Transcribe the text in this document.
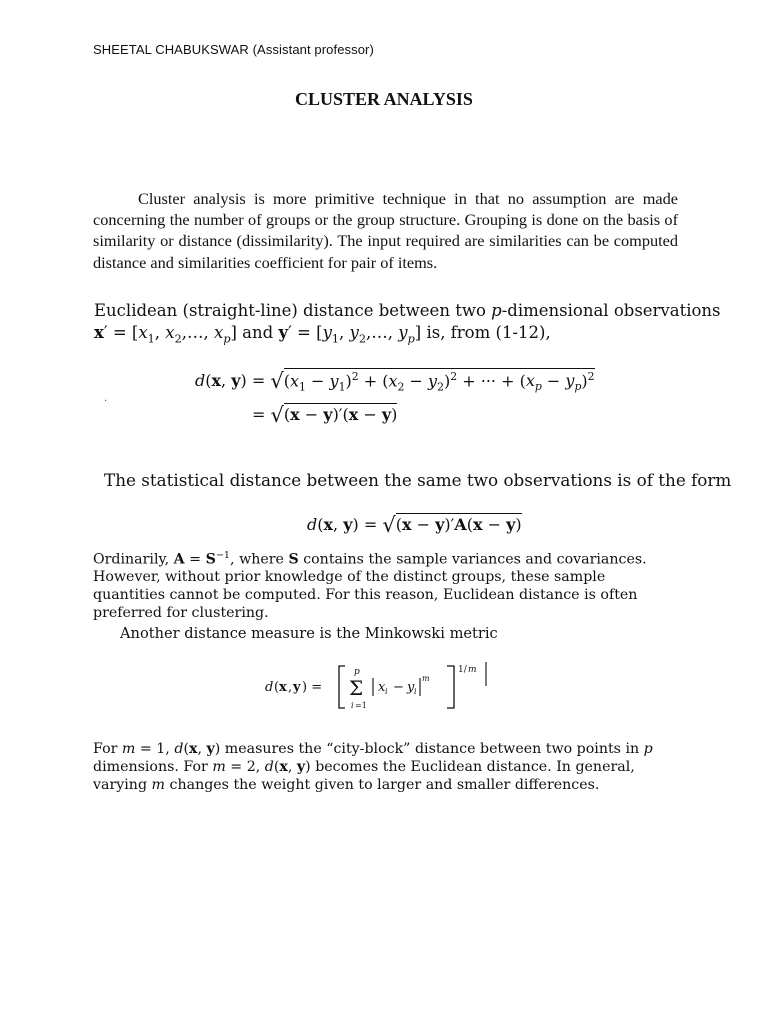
SHEETAL CHABUKSWAR (Assistant professor)
CLUSTER ANALYSIS
Cluster analysis is more primitive technique in that no assumption are made concerning the number of groups or the group structure. Grouping is done on the basis of similarity or distance (dissimilarity). The input required are similarities can be computed distance and similarities coefficient for pair of items.
Euclidean (straight-line) distance between two p-dimensional observations
$x' = [x_1$, $x_2,\dots$, $x_p$] and $y' = [y_1$, $y_2,\dots$, $y_p$] is, from (1-12),
d(x, y) = √
$(x_1 - y_1)^2 + (x_2 - y_2)^2$ + ··· + $(x_p - y_p)^2$
·
= √
(x − y)′(x − y)
The statistical distance between the same two observations is of the form
d(x, y) = √
(x − y)′A(x − y)
Ordinarily, $A = S^{-1}$, where S contains the sample variances and covariances. However, without prior knowledge of the distinct groups, these sample quantities cannot be computed. For this reason, Euclidean distance is often preferred for clustering.
Another distance measure is the Minkowski metric
d ( x , y ) =
p
Σ
i =1
x i − y i
m
1/ m
For m = 1, d(x, y) measures the “city-block” distance between two points in p dimensions. For m = 2, d(x, y) becomes the Euclidean distance. In general, varying m changes the weight given to larger and smaller differences.
